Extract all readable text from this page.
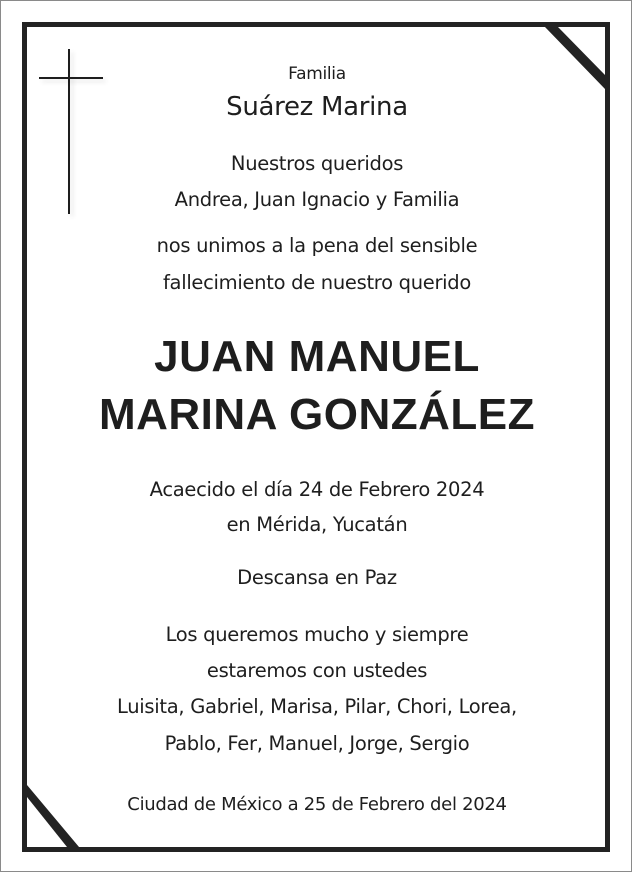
Familia
Suárez Marina
Nuestros queridos
Andrea, Juan Ignacio y Familia
nos unimos a la pena del sensible
fallecimiento de nuestro querido
JUAN MANUEL
MARINA GONZÁLEZ
Acaecido el día 24 de Febrero 2024
en Mérida, Yucatán
Descansa en Paz
Los queremos mucho y siempre
estaremos con ustedes
Luisita, Gabriel, Marisa, Pilar, Chori, Lorea,
Pablo, Fer, Manuel, Jorge, Sergio
Ciudad de México a 25 de Febrero del 2024
